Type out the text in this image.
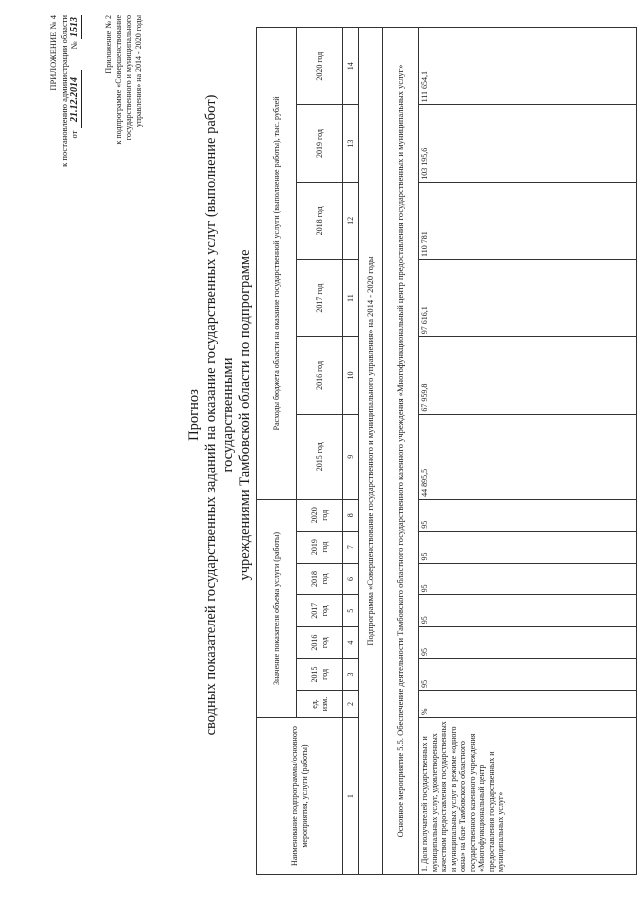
ПРИЛОЖЕНИЕ № 4 к постановлению администрации области от 21.12.2014          № 1513	Приложение № 2 к подпрограмме «Совершенствование государственного и муниципального управления» на 2014 - 2020 годы
Прогноз сводных показателей государственных заданий на оказание государственных услуг (выполнение работ) государственными учреждениями Тамбовской области по подпрограмме
Наименование подпрограммы/основного мероприятия, услуги (работы)	Значение показателя объема услуги (работы)							Расходы бюджета области на оказание государственной услуги (выполнение работы), тыс. рублей					
	ед. изм.	2015 год	2016 год	2017 год	2018 год	2019 год	2020 год	2015 год	2016 год	2017 год	2018 год	2019 год	2020 год
1	2	3	4	5	6	7	8	9	10	11	12	13	14
Подпрограмма «Совершенствование государственного и муниципального управления» на 2014 - 2020 годы													
Основное мероприятие 5.5. Обеспечение деятельности Тамбовского областного государственного казенного учреждения «Многофункциональный центр предоставления государственных и муниципальных услуг»													
1. Доля получателей государственных и муниципальных услуг, удовлетворенных качеством предоставления государственных и муниципальных услуг в режиме «одного окна» на базе Тамбовского областного государственного казенного учреждения «Многофункциональный центр предоставления государственных и муниципальных услуг»	%	95	95	95	95	95	95	44 895,5	67 959,8	97 616,1	110 781	103 195,6	111 654,1
